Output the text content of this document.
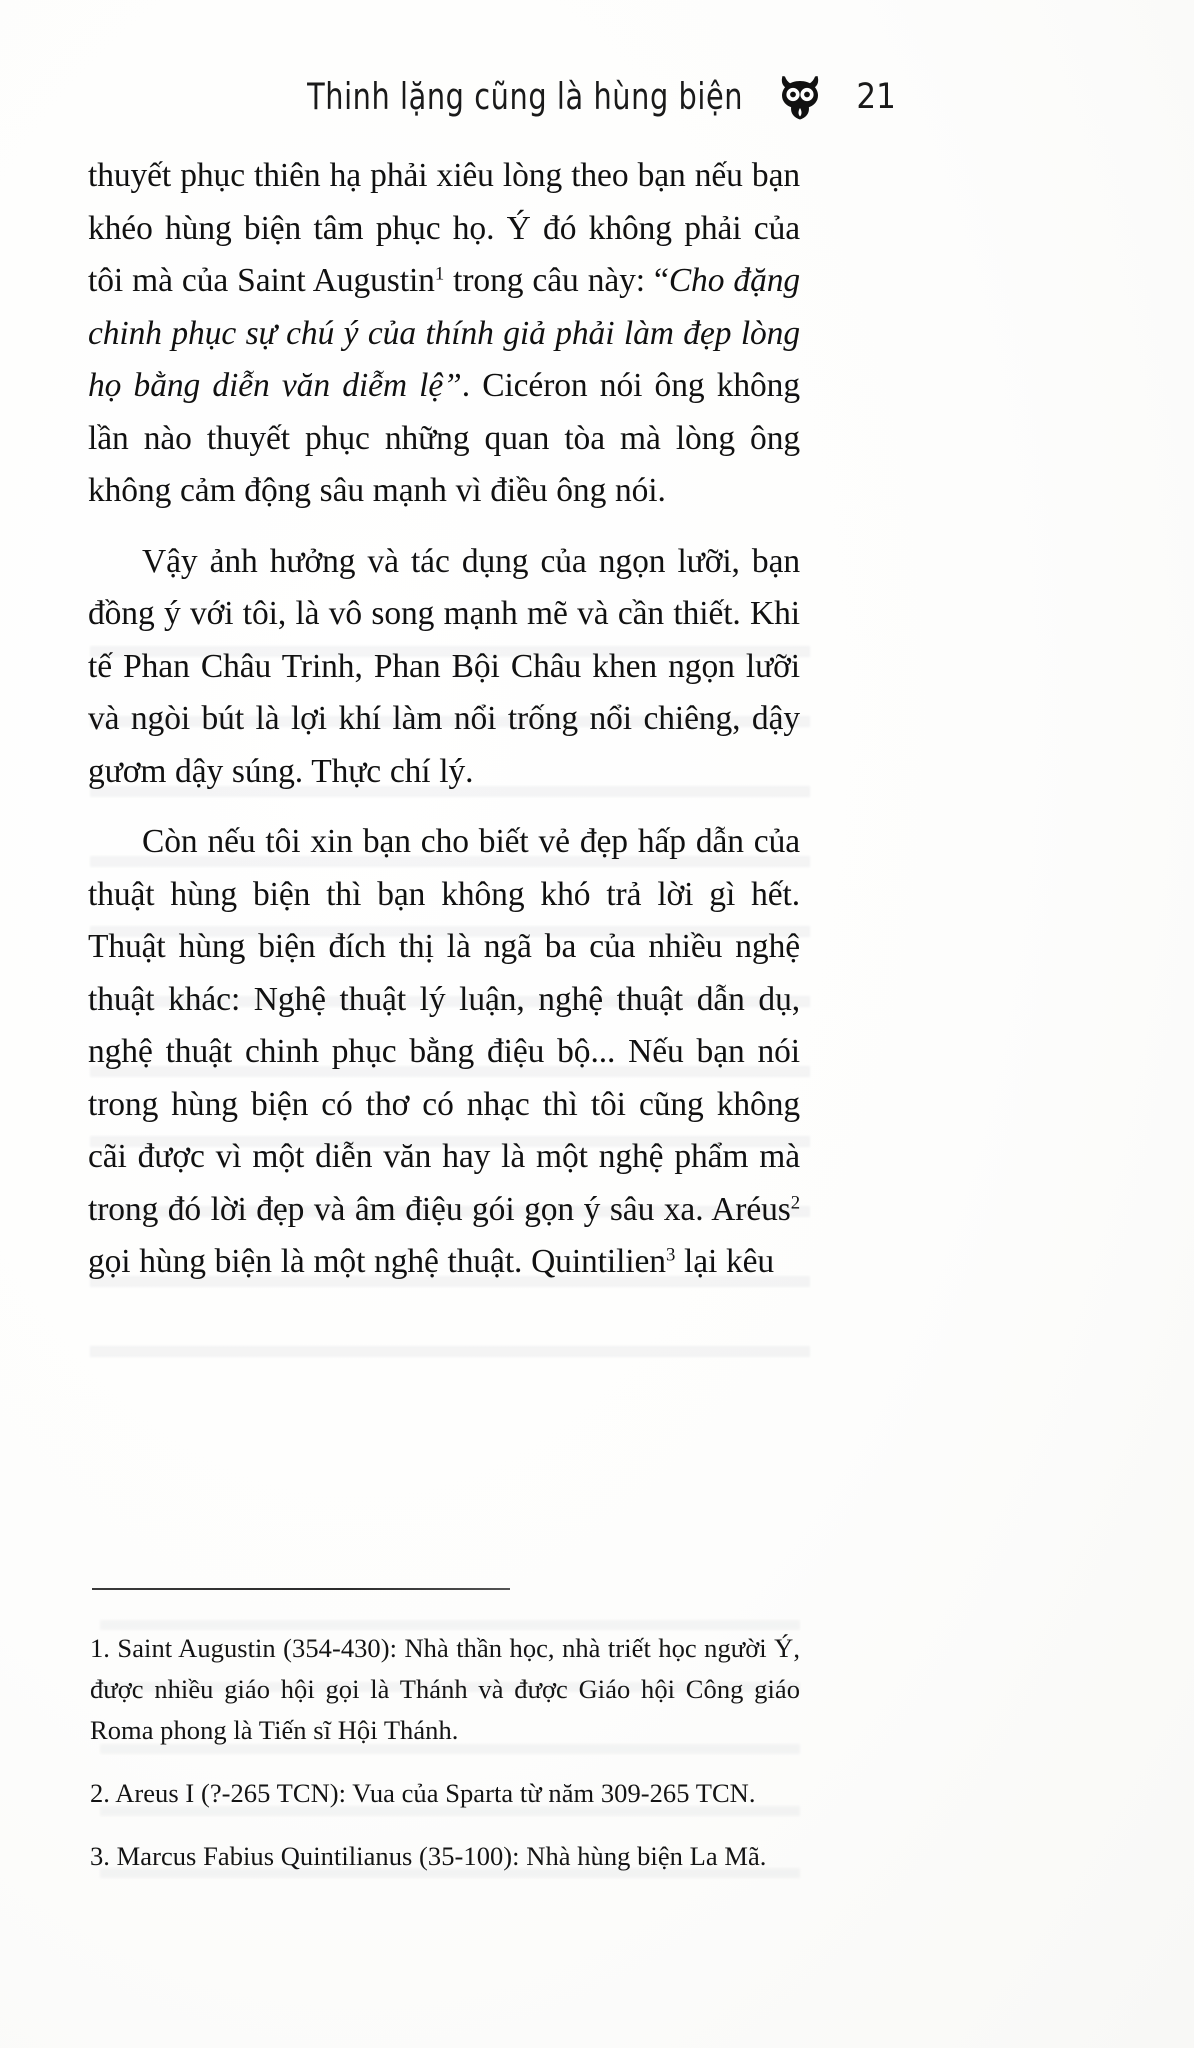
Thinh lặng cũng là hùng biện	21

thuyết phục thiên hạ phải xiêu lòng theo bạn nếu bạn khéo hùng biện tâm phục họ. Ý đó không phải của tôi mà của Saint Augustin$^1$ trong câu này: “Cho đặng chinh phục sự chú ý của thính giả phải làm đẹp lòng họ bằng diễn văn diễm lệ”. Cicéron nói ông không lần nào thuyết phục những quan tòa mà lòng ông không cảm động sâu mạnh vì điều ông nói.

Vậy ảnh hưởng và tác dụng của ngọn lưỡi, bạn đồng ý với tôi, là vô song mạnh mẽ và cần thiết. Khi tế Phan Châu Trinh, Phan Bội Châu khen ngọn lưỡi và ngòi bút là lợi khí làm nổi trống nổi chiêng, dậy gươm dậy súng. Thực chí lý.

Còn nếu tôi xin bạn cho biết vẻ đẹp hấp dẫn của thuật hùng biện thì bạn không khó trả lời gì hết. Thuật hùng biện đích thị là ngã ba của nhiều nghệ thuật khác: Nghệ thuật lý luận, nghệ thuật dẫn dụ, nghệ thuật chinh phục bằng điệu bộ... Nếu bạn nói trong hùng biện có thơ có nhạc thì tôi cũng không cãi được vì một diễn văn hay là một nghệ phẩm mà trong đó lời đẹp và âm điệu gói gọn ý sâu xa. Aréus$^2$ gọi hùng biện là một nghệ thuật. Quintilien$^3$ lại kêu

1. Saint Augustin (354-430): Nhà thần học, nhà triết học người Ý, được nhiều giáo hội gọi là Thánh và được Giáo hội Công giáo Roma phong là Tiến sĩ Hội Thánh.

2. Areus I (?-265 TCN): Vua của Sparta từ năm 309-265 TCN.

3. Marcus Fabius Quintilianus (35-100): Nhà hùng biện La Mã.
